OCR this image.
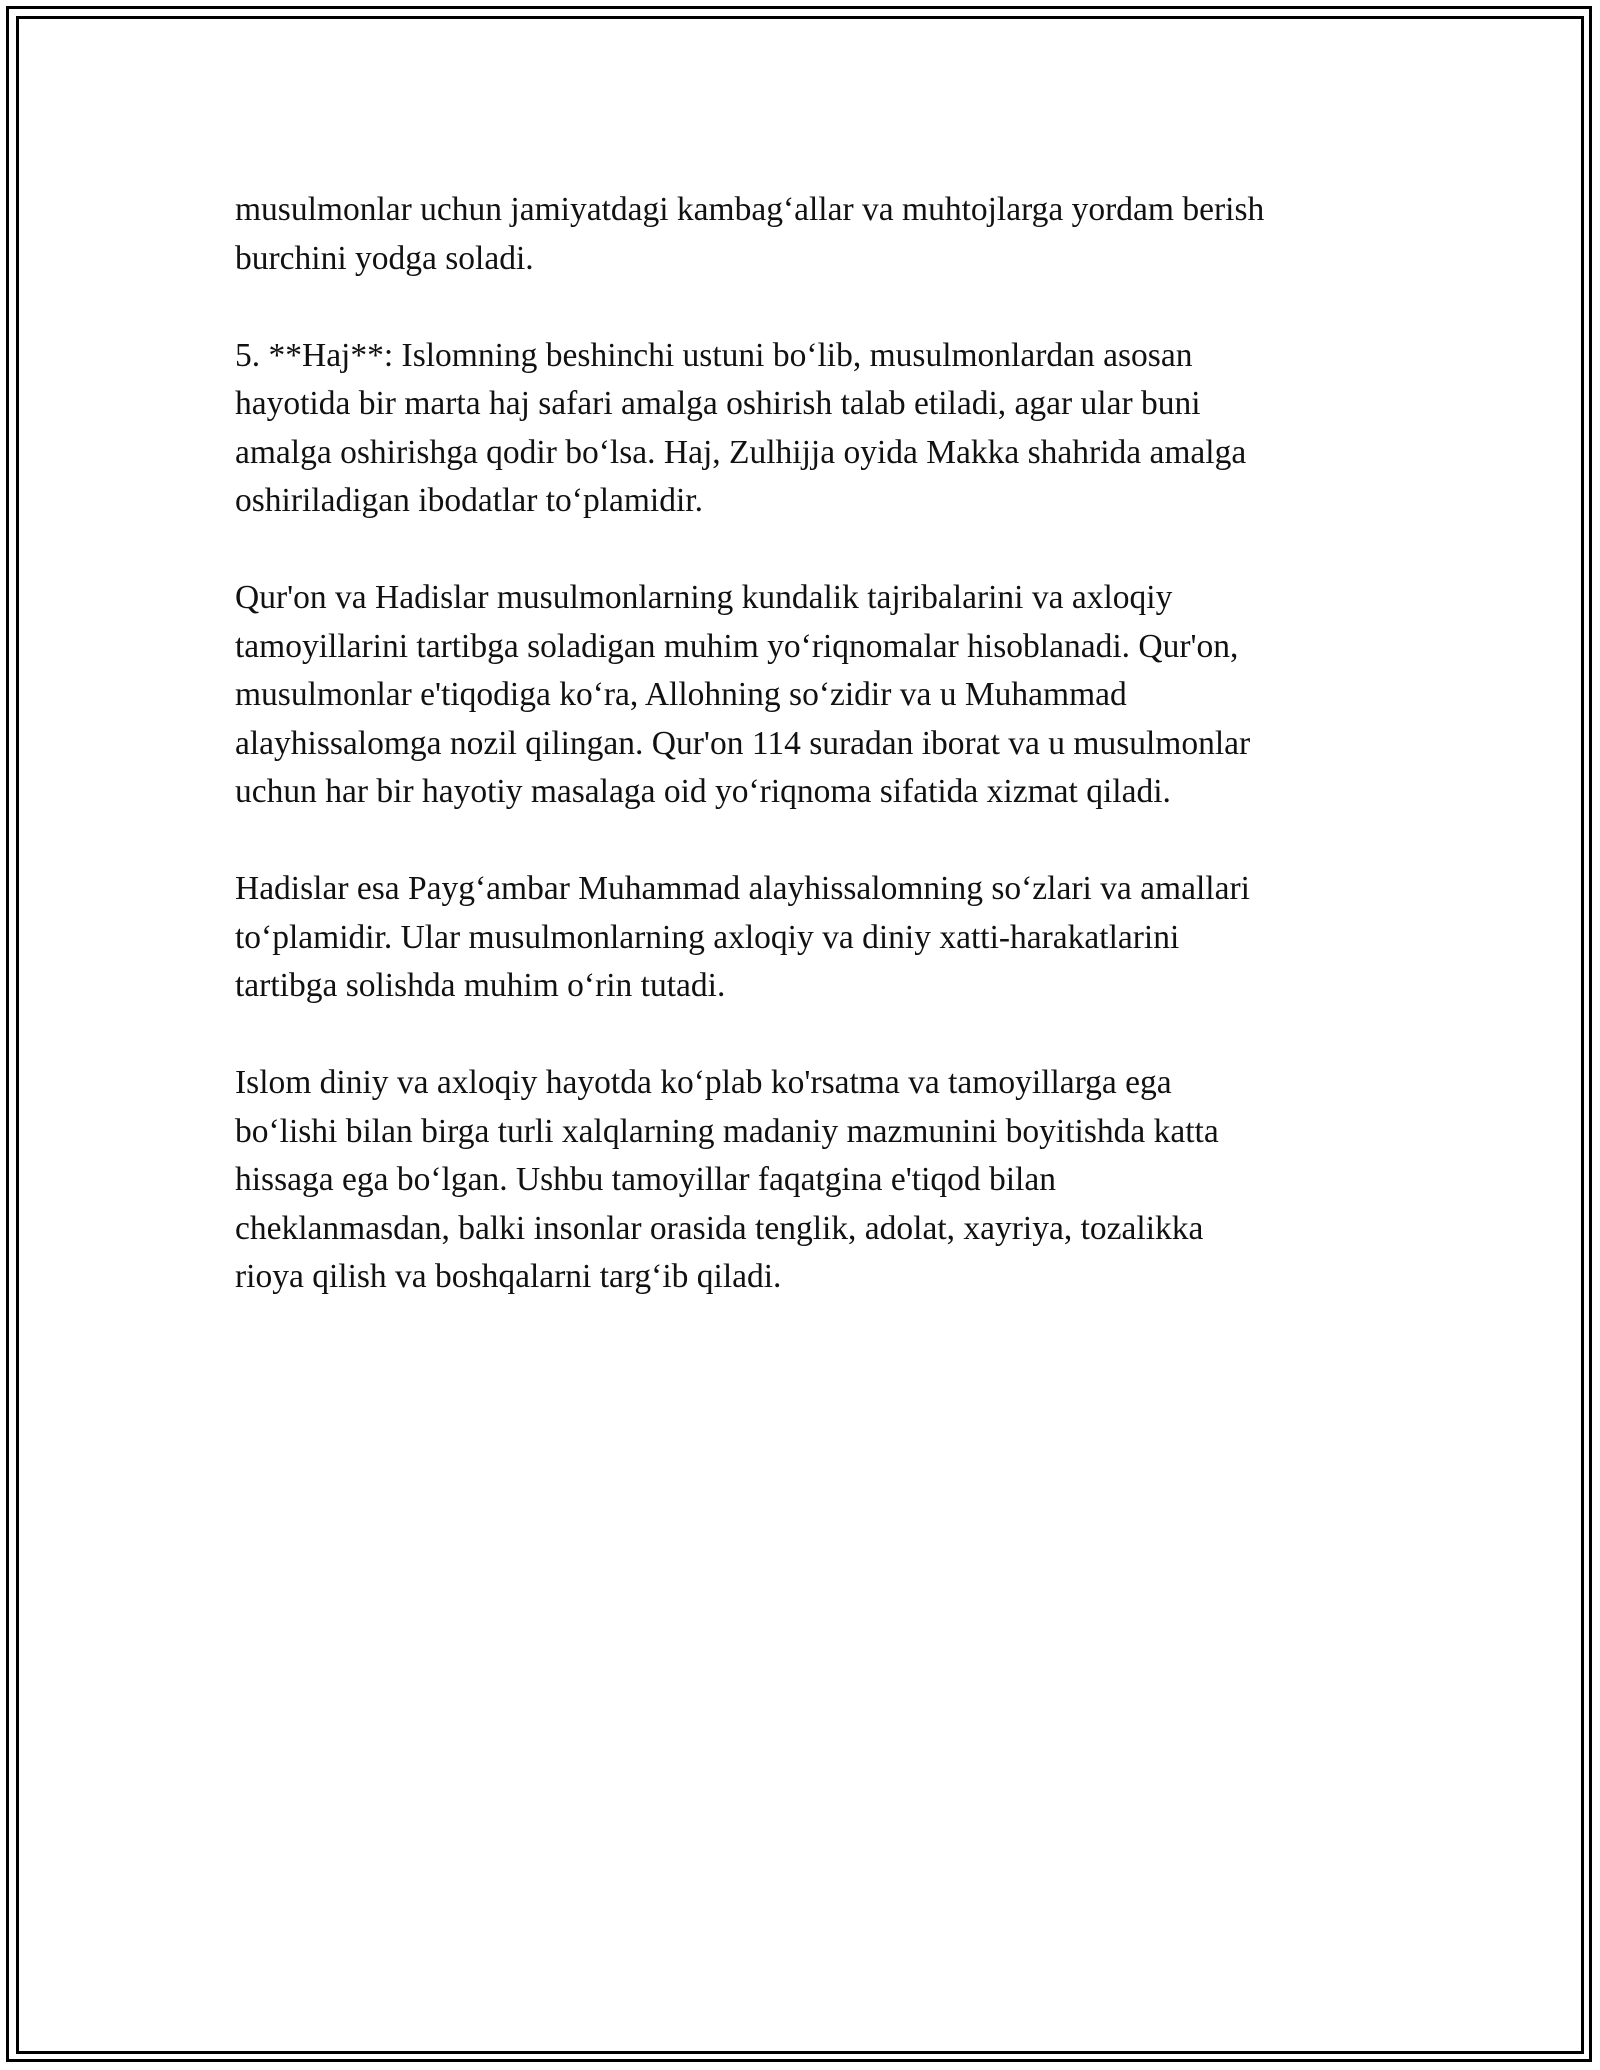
musulmonlar uchun jamiyatdagi kambag‘allar va muhtojlarga yordam berish
burchini yodga soladi.

5. **Haj**: Islomning beshinchi ustuni bo‘lib, musulmonlardan asosan
hayotida bir marta haj safari amalga oshirish talab etiladi, agar ular buni
amalga oshirishga qodir bo‘lsa. Haj, Zulhijja oyida Makka shahrida amalga
oshiriladigan ibodatlar to‘plamidir.

Qur'on va Hadislar musulmonlarning kundalik tajribalarini va axloqiy
tamoyillarini tartibga soladigan muhim yo‘riqnomalar hisoblanadi. Qur'on,
musulmonlar e'tiqodiga ko‘ra, Allohning so‘zidir va u Muhammad
alayhissalomga nozil qilingan. Qur'on 114 suradan iborat va u musulmonlar
uchun har bir hayotiy masalaga oid yo‘riqnoma sifatida xizmat qiladi.

Hadislar esa Payg‘ambar Muhammad alayhissalomning so‘zlari va amallari
to‘plamidir. Ular musulmonlarning axloqiy va diniy xatti-harakatlarini
tartibga solishda muhim o‘rin tutadi.

Islom diniy va axloqiy hayotda ko‘plab ko'rsatma va tamoyillarga ega
bo‘lishi bilan birga turli xalqlarning madaniy mazmunini boyitishda katta
hissaga ega bo‘lgan. Ushbu tamoyillar faqatgina e'tiqod bilan
cheklanmasdan, balki insonlar orasida tenglik, adolat, xayriya, tozalikka
rioya qilish va boshqalarni targ‘ib qiladi.
